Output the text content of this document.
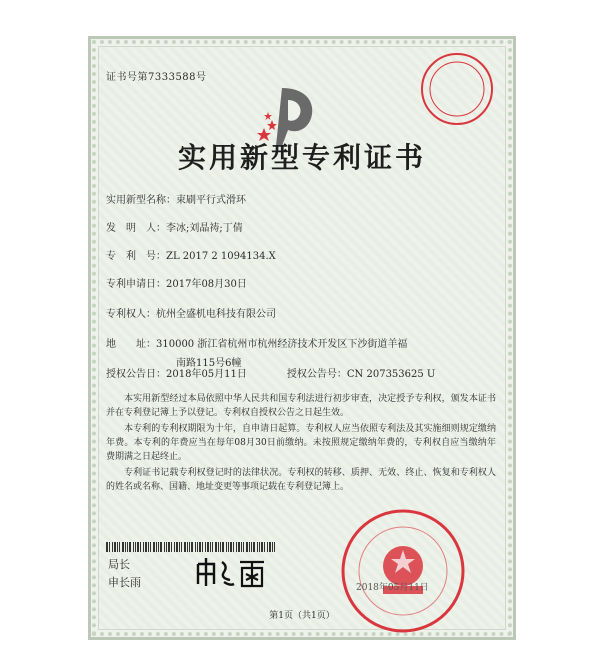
证书号第7333588号
实用新型专利证书
实用新型名称：束刷平行式滑环
发　明　人：李冰;刘晶祷;丁倩
专　利　号：ZL 2017 2 1094134.X
专利申请日：2017年08月30日
专利权人：杭州全盛机电科技有限公司
地　　址：310000 浙江省杭州市杭州经济技术开发区下沙街道羊福
南路115号6幢
授权公告日：2018年05月11日　　　　授权公告号：CN 207353625 U
本实用新型经过本局依照中华人民共和国专利法进行初步审查，决定授予专利权，颁发本证书并在专利登记簿上予以登记。专利权自授权公告之日起生效。
本专利的专利权期限为十年，自申请日起算。专利权人应当依照专利法及其实施细则规定缴纳年费。本专利的年费应当在每年08月30日前缴纳。未按照规定缴纳年费的，专利权自应当缴纳年费期满之日起终止。
专利证书记载专利权登记时的法律状况。专利权的转移、质押、无效、终止、恢复和专利权人的姓名或名称、国籍、地址变更等事项记载在专利登记簿上。
局长
申长雨	2018年05月11日
第1页（共1页）
